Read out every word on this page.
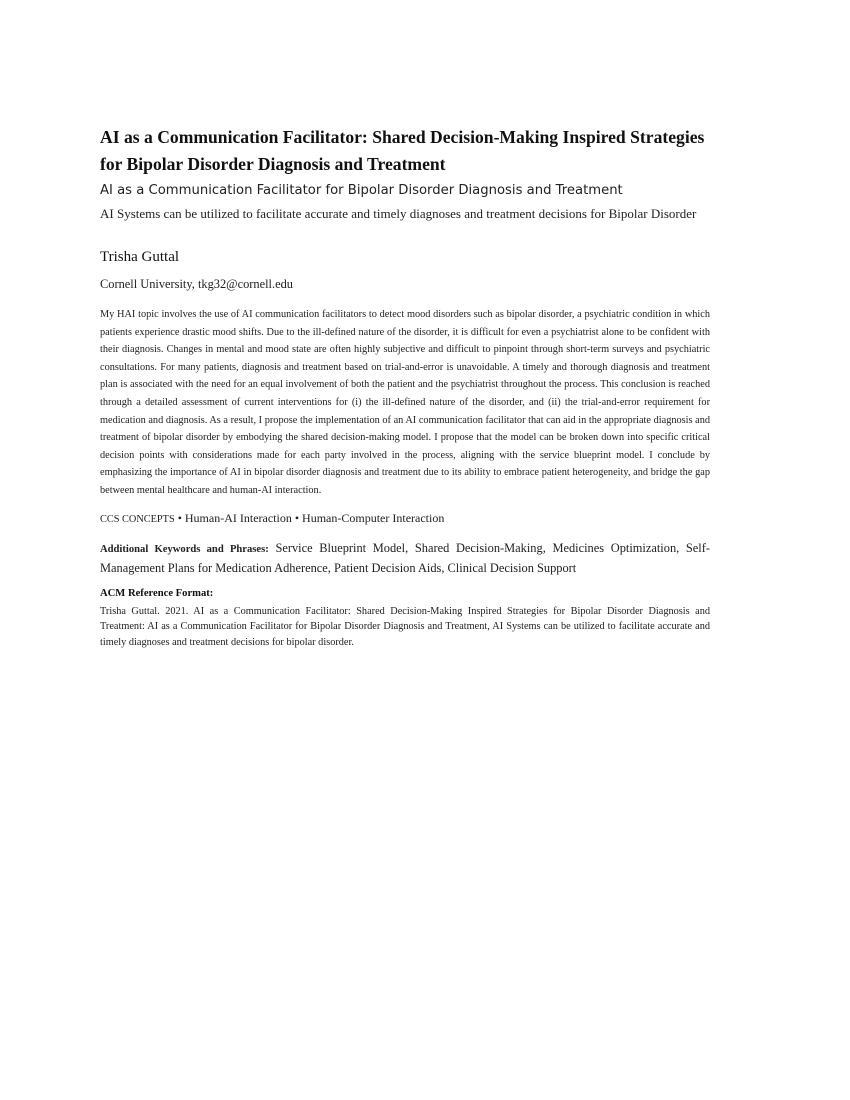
AI as a Communication Facilitator: Shared Decision-Making Inspired Strategies for Bipolar Disorder Diagnosis and Treatment

AI as a Communication Facilitator for Bipolar Disorder Diagnosis and Treatment

AI Systems can be utilized to facilitate accurate and timely diagnoses and treatment decisions for Bipolar Disorder

Trisha Guttal

Cornell University, tkg32@cornell.edu

My HAI topic involves the use of AI communication facilitators to detect mood disorders such as bipolar disorder, a psychiatric condition in which patients experience drastic mood shifts. Due to the ill-defined nature of the disorder, it is difficult for even a psychiatrist alone to be confident with their diagnosis. Changes in mental and mood state are often highly subjective and difficult to pinpoint through short-term surveys and psychiatric consultations. For many patients, diagnosis and treatment based on trial-and-error is unavoidable. A timely and thorough diagnosis and treatment plan is associated with the need for an equal involvement of both the patient and the psychiatrist throughout the process. This conclusion is reached through a detailed assessment of current interventions for (i) the ill-defined nature of the disorder, and (ii) the trial-and-error requirement for medication and diagnosis. As a result, I propose the implementation of an AI communication facilitator that can aid in the appropriate diagnosis and treatment of bipolar disorder by embodying the shared decision-making model. I propose that the model can be broken down into specific critical decision points with considerations made for each party involved in the process, aligning with the service blueprint model. I conclude by emphasizing the importance of AI in bipolar disorder diagnosis and treatment due to its ability to embrace patient heterogeneity, and bridge the gap between mental healthcare and human-AI interaction.

CCS CONCEPTS • Human-AI Interaction • Human-Computer Interaction

Additional Keywords and Phrases: Service Blueprint Model, Shared Decision-Making, Medicines Optimization, Self-Management Plans for Medication Adherence, Patient Decision Aids, Clinical Decision Support

ACM Reference Format:

Trisha Guttal. 2021. AI as a Communication Facilitator: Shared Decision-Making Inspired Strategies for Bipolar Disorder Diagnosis and Treatment: AI as a Communication Facilitator for Bipolar Disorder Diagnosis and Treatment, AI Systems can be utilized to facilitate accurate and timely diagnoses and treatment decisions for bipolar disorder.
